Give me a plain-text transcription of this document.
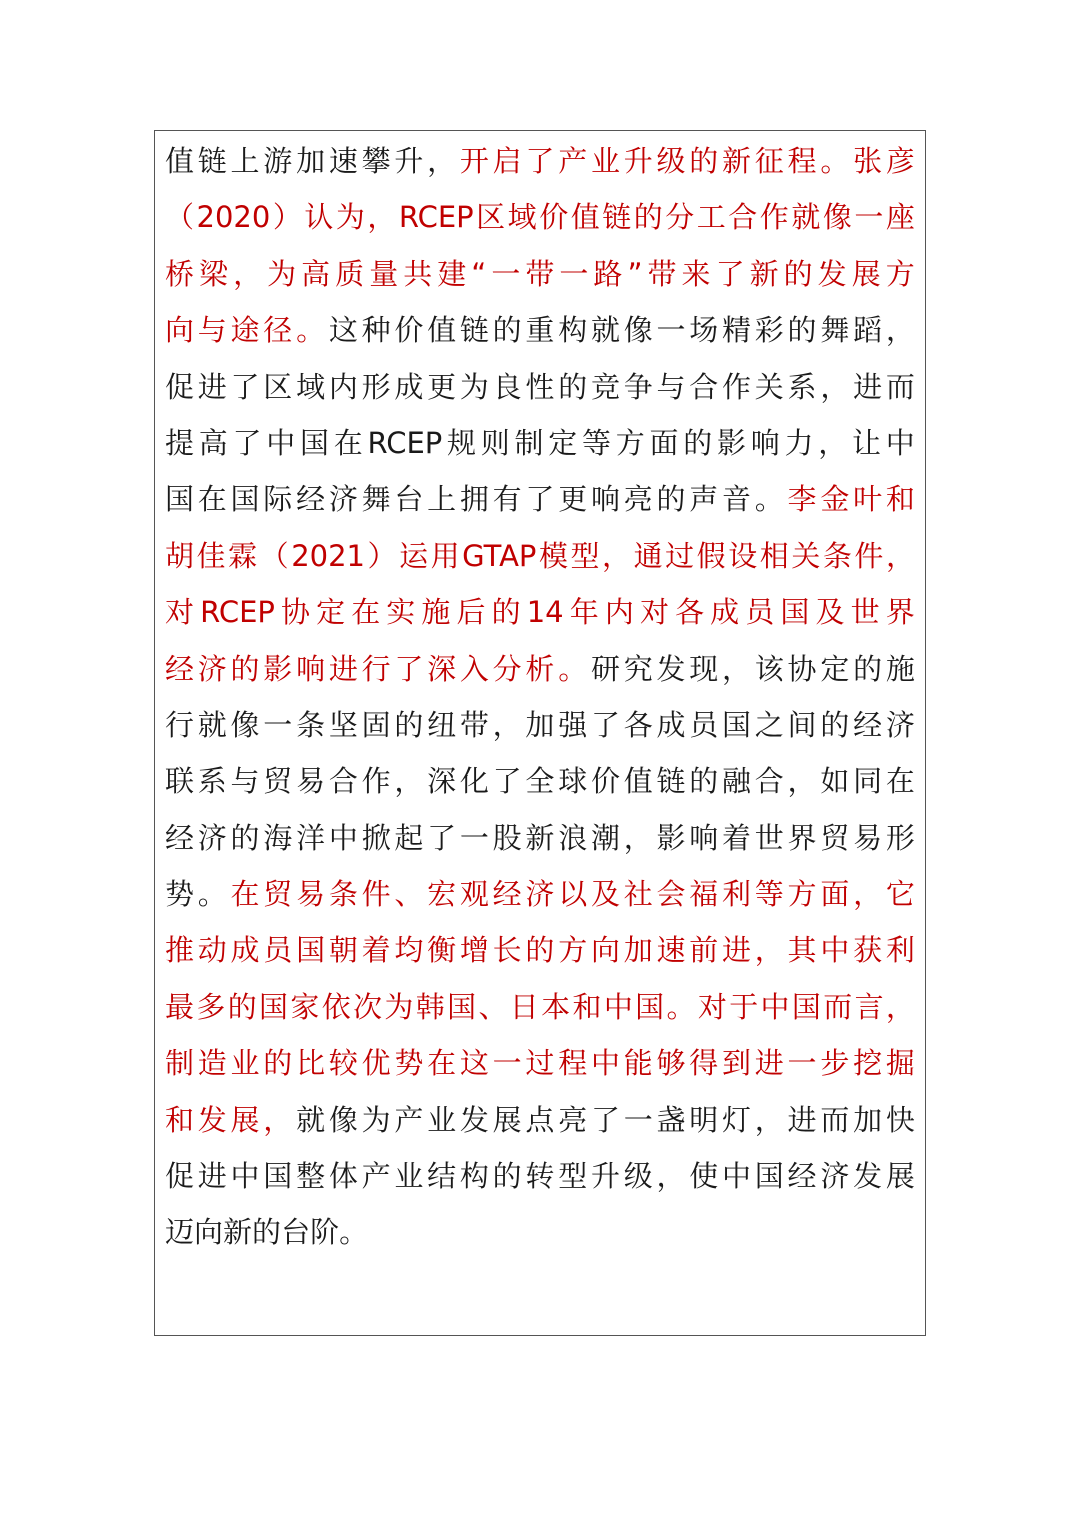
值 链 上 游 加 速 攀 升 ， 开 启 了 产 业 升 级 的 新 征 程 。 张 彦
（ 2020 ） 认 为 ， RCEP 区 域 价 值 链 的 分 工 合 作 就 像 一 座
桥 梁 ， 为 高 质 量 共 建 “ 一 带 一 路 ” 带 来 了 新 的 发 展 方
向 与 途 径 。 这 种 价 值 链 的 重 构 就 像 一 场 精 彩 的 舞 蹈 ，
促 进 了 区 域 内 形 成 更 为 良 性 的 竞 争 与 合 作 关 系 ， 进 而
提 高 了 中 国 在 RCEP 规 则 制 定 等 方 面 的 影 响 力 ， 让 中
国 在 国 际 经 济 舞 台 上 拥 有 了 更 响 亮 的 声 音 。 李 金 叶 和
胡 佳 霖 （ 2021 ） 运 用 GTAP 模 型 ， 通 过 假 设 相 关 条 件 ，
对 RCEP 协 定 在 实 施 后 的 14 年 内 对 各 成 员 国 及 世 界
经 济 的 影 响 进 行 了 深 入 分 析 。 研 究 发 现 ， 该 协 定 的 施
行 就 像 一 条 坚 固 的 纽 带 ， 加 强 了 各 成 员 国 之 间 的 经 济
联 系 与 贸 易 合 作 ， 深 化 了 全 球 价 值 链 的 融 合 ， 如 同 在
经 济 的 海 洋 中 掀 起 了 一 股 新 浪 潮 ， 影 响 着 世 界 贸 易 形
势 。 在 贸 易 条 件 、 宏 观 经 济 以 及 社 会 福 利 等 方 面 ， 它
推 动 成 员 国 朝 着 均 衡 增 长 的 方 向 加 速 前 进 ， 其 中 获 利
最 多 的 国 家 依 次 为 韩 国 、 日 本 和 中 国 。 对 于 中 国 而 言 ，
制 造 业 的 比 较 优 势 在 这 一 过 程 中 能 够 得 到 进 一 步 挖 掘
和 发 展 ， 就 像 为 产 业 发 展 点 亮 了 一 盏 明 灯 ， 进 而 加 快
促 进 中 国 整 体 产 业 结 构 的 转 型 升 级 ， 使 中 国 经 济 发 展
迈 向 新 的 台 阶 。
